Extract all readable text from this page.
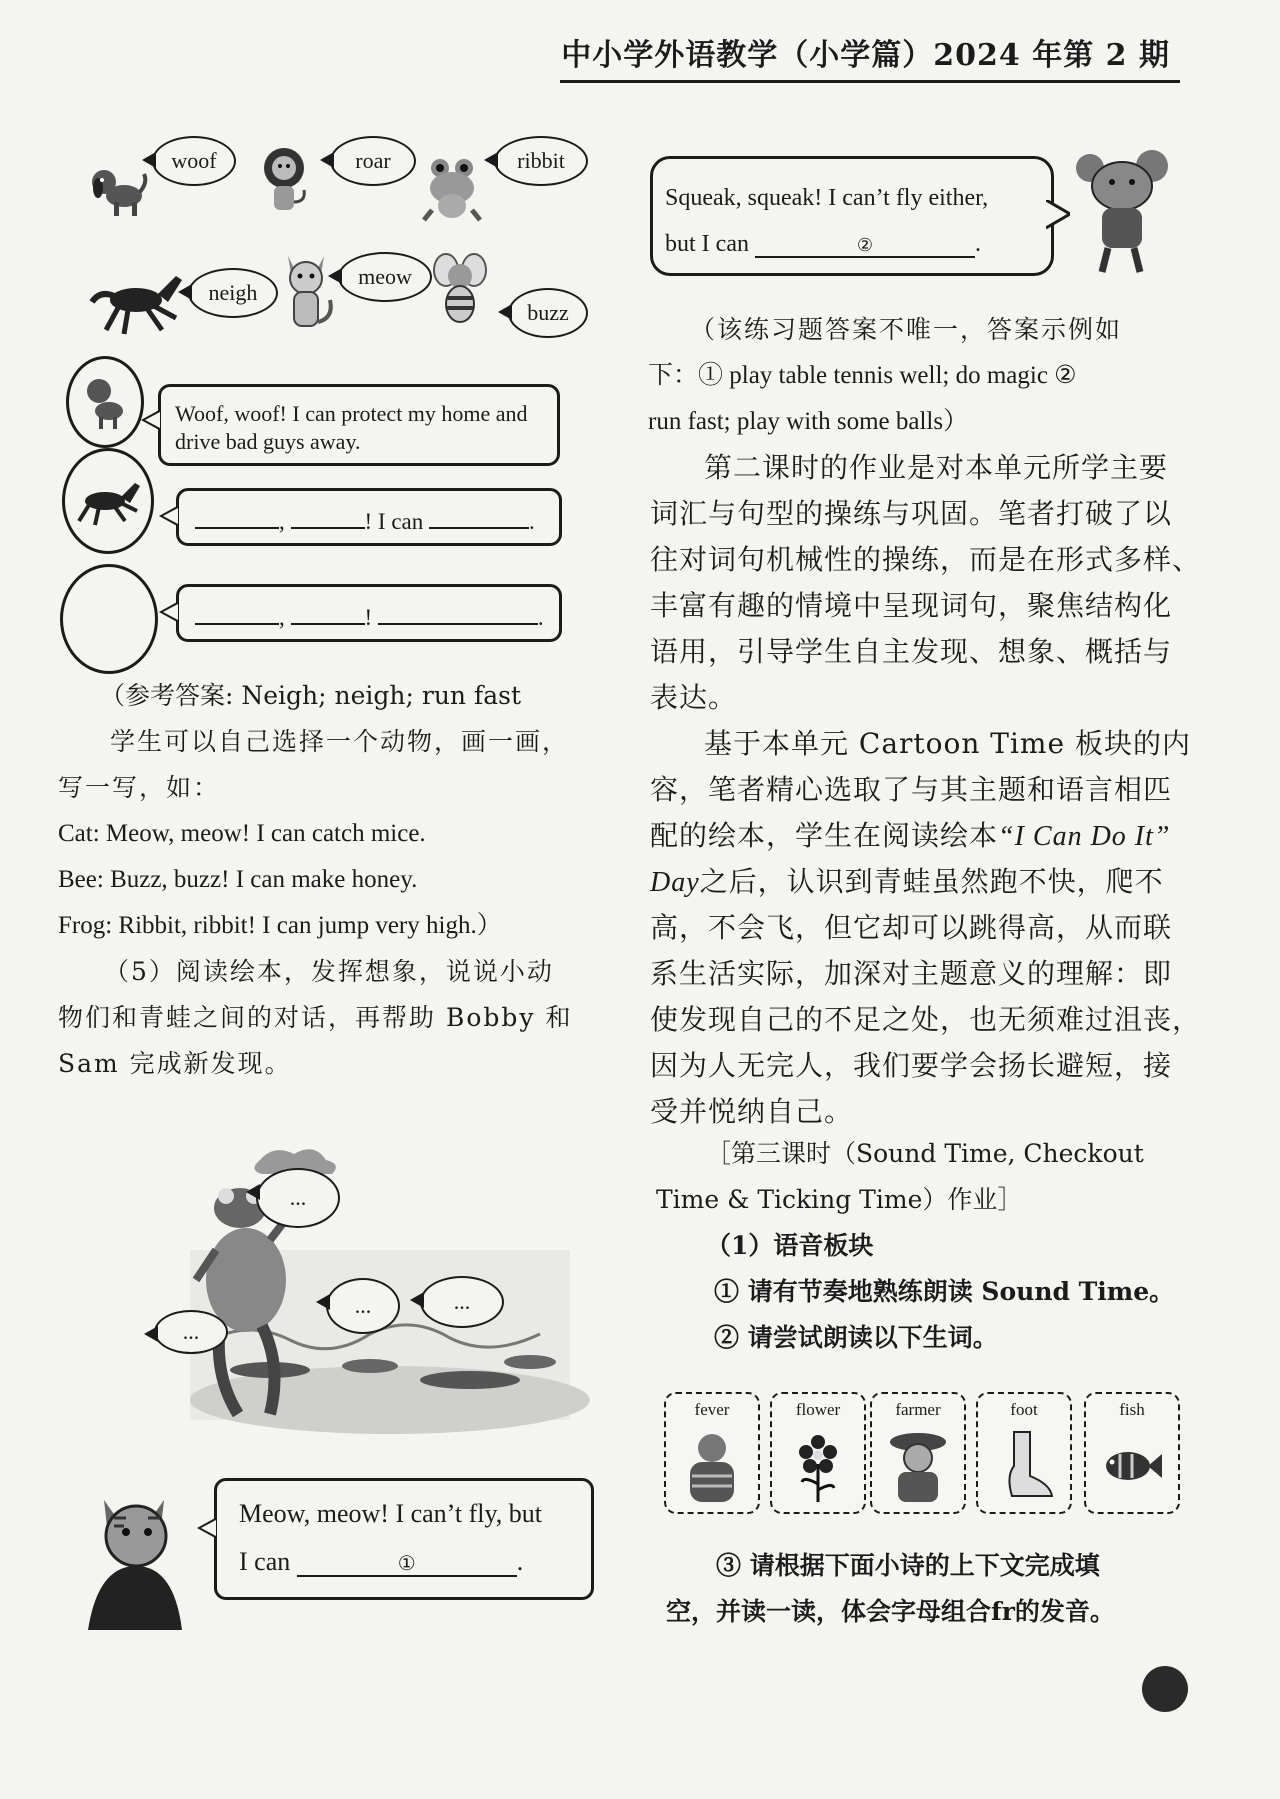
中小学外语教学（小学篇）2024 年第 2 期
woof	roar	ribbit
neigh
meow
buzz
Woof, woof! I can protect my home and
drive bad guys away.
,	! I can	.
,	!	.
（参考答案: Neigh; neigh; run fast
学生可以自己选择一个动物，画一画，
写一写，如：
Cat: Meow, meow! I can catch mice.
Bee: Buzz, buzz! I can make honey.
Frog: Ribbit, ribbit! I can jump very high.）
（5）阅读绘本，发挥想象，说说小动
物们和青蛙之间的对话，再帮助 Bobby 和
Sam 完成新发现。
...
...	...
...
Meow, meow! I can’t fly, but
I can	①	.
Squeak, squeak! I can’t fly either,
but I can	②	.
（该练习题答案不唯一，答案示例如
下：① play table tennis well; do magic ②
run fast; play with some balls）
第二课时的作业是对本单元所学主要
词汇与句型的操练与巩固。笔者打破了以
往对词句机械性的操练，而是在形式多样、
丰富有趣的情境中呈现词句，聚焦结构化
语用，引导学生自主发现、想象、概括与
表达。
基于本单元 Cartoon Time 板块的内
容，笔者精心选取了与其主题和语言相匹
配的绘本，学生在阅读绘本“I Can Do It”
Day之后，认识到青蛙虽然跑不快，爬不
高，不会飞，但它却可以跳得高，从而联
系生活实际，加深对主题意义的理解：即
使发现自己的不足之处，也无须难过沮丧，
因为人无完人，我们要学会扬长避短，接
受并悦纳自己。
［第三课时（Sound Time, Checkout
Time & Ticking Time）作业］
（1）语音板块
① 请有节奏地熟练朗读 Sound Time。
② 请尝试朗读以下生词。
fever	flower	farmer	foot	fish
③ 请根据下面小诗的上下文完成填
空，并读一读，体会字母组合fr的发音。
